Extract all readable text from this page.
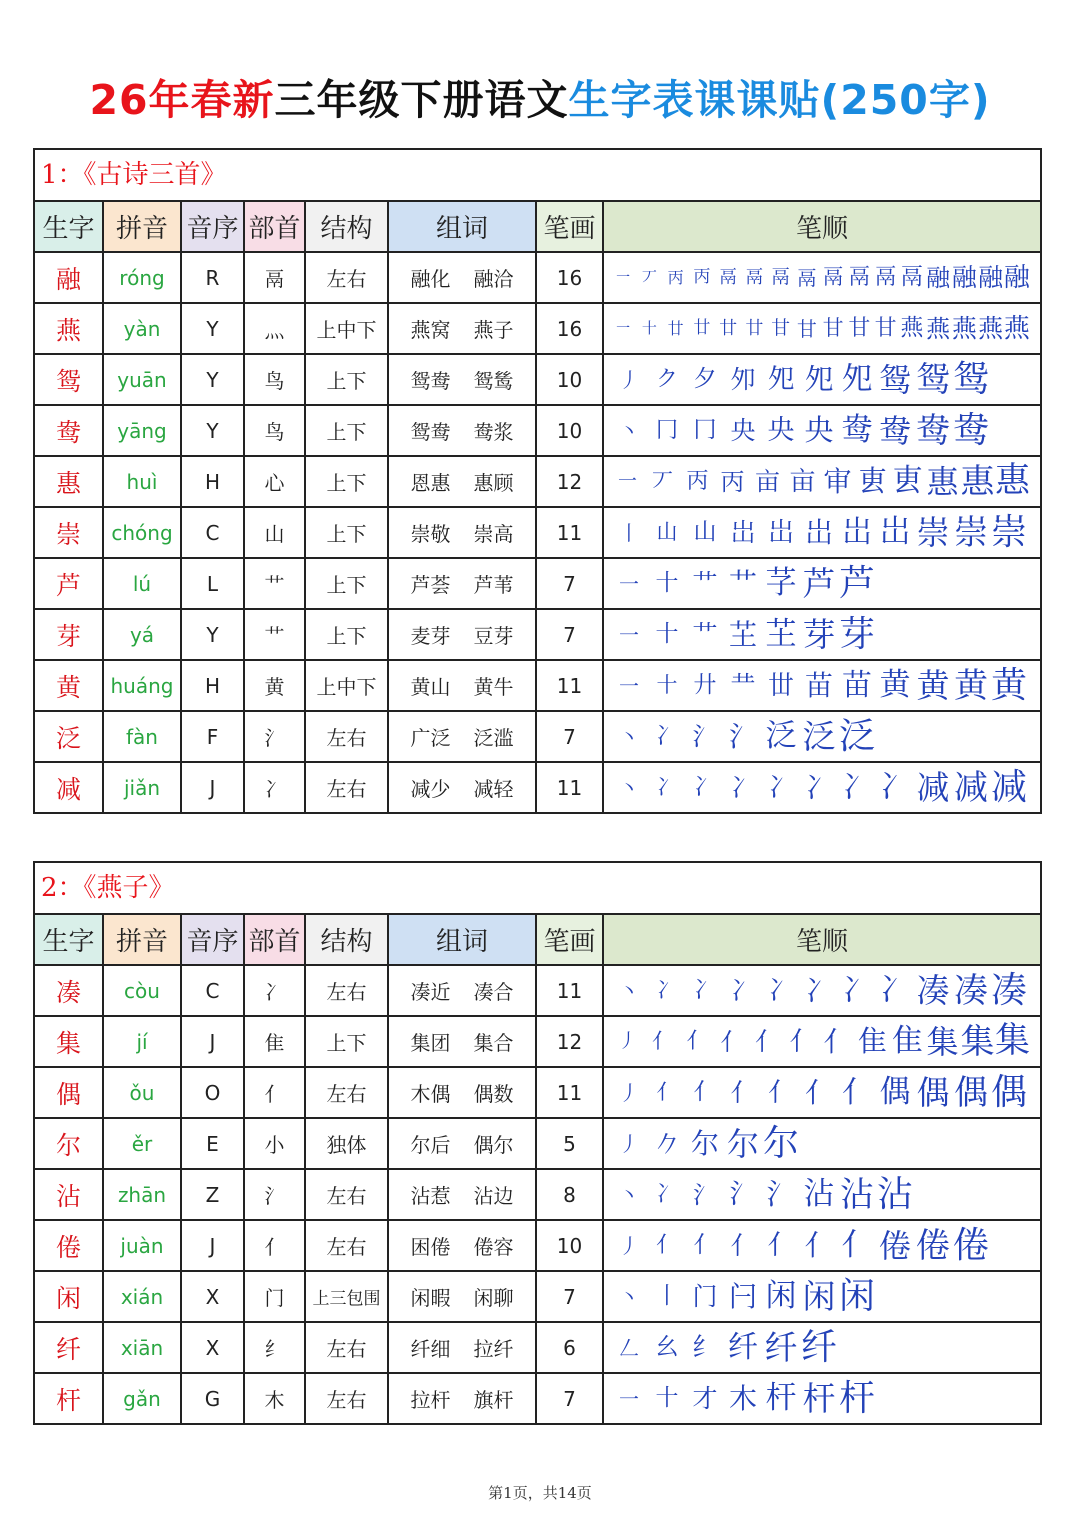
26年春新三年级下册语文生字表课课贴(250字)
1：《古诗三首》
生字 拼音 音序 部首 结构	组词	笔画	笔顺
融	róng	R	鬲	左右	融化 融洽	16	一 丆 丙 丙 鬲 鬲 鬲 鬲 鬲 鬲 鬲 鬲 融 融 融 融
燕	yàn	Y	灬	上中下	燕窝 燕子	16	一 十 廿 廿 廿 廿 甘 甘 甘 甘 甘 燕 燕 燕 燕 燕
鸳	yuān	Y	鸟	上下	鸳鸯 鸳鸶	10	丿 ク 夕 夘 夗 夗 夗 鸳 鸳 鸳
鸯	yāng	Y	鸟	上下	鸳鸯 鸯浆	10	丶 冂 冂 央 央 央 鸯 鸯 鸯 鸯
惠	huì	H	心	上下	恩惠 惠顾	12	一 丆 丙 丙 亩 亩 审 叀 叀 惠 惠 惠
崇	chóng	C	山	上下	崇敬 崇高	11	丨 山 山 岀 岀 岀 岀 岀 崇 崇 崇
芦	lú	L	艹	上下	芦荟 芦苇	7	一 十 艹 艹 芓 芦 芦
芽	yá	Y	艹	上下	麦芽 豆芽	7	一 十 艹 芏 芏 芽 芽
黄	huáng	H	黄	上中下	黄山 黄牛	11	一 十 廾 龷 丗 苗 苗 黄 黄 黄 黄
泛	fàn	F	氵	左右	广泛 泛滥	7	丶 冫 氵 氵 泛 泛 泛
减	jiǎn	J	冫	左右	减少 减轻	11	丶 冫 冫 冫 冫 冫 冫 冫 减 减 减
2：《燕子》
生字 拼音 音序 部首 结构	组词	笔画	笔顺
凑	còu	C	冫	左右	凑近 凑合	11	丶 冫 冫 冫 冫 冫 冫 冫 凑 凑 凑
集	jí	J	隹	上下	集团 集合	12	丿 亻 亻 亻 亻 亻 亻 隹 隹 集 集 集
偶	ǒu	O	亻	左右	木偶 偶数	11	丿 亻 亻 亻 亻 亻 亻 偶 偶 偶 偶
尔	ěr	E	小	独体	尔后 偶尔	5	丿 𠂊 尔 尔 尔
沾	zhān	Z	氵	左右	沾惹 沾边	8	丶 冫 氵 氵 氵 沾 沾 沾
倦	juàn	J	亻	左右	困倦 倦容	10	丿 亻 亻 亻 亻 亻 亻 倦 倦 倦
闲	xián	X	门	上三包围	闲暇 闲聊	7	丶 丨 门 闩 闲 闲 闲
纤	xiān	X	纟	左右	纤细 拉纤	6	𠃋 幺 纟 纤 纤 纤
杆	gǎn	G	木	左右	拉杆 旗杆	7	一 十 才 木 杆 杆 杆
第1页，共14页
